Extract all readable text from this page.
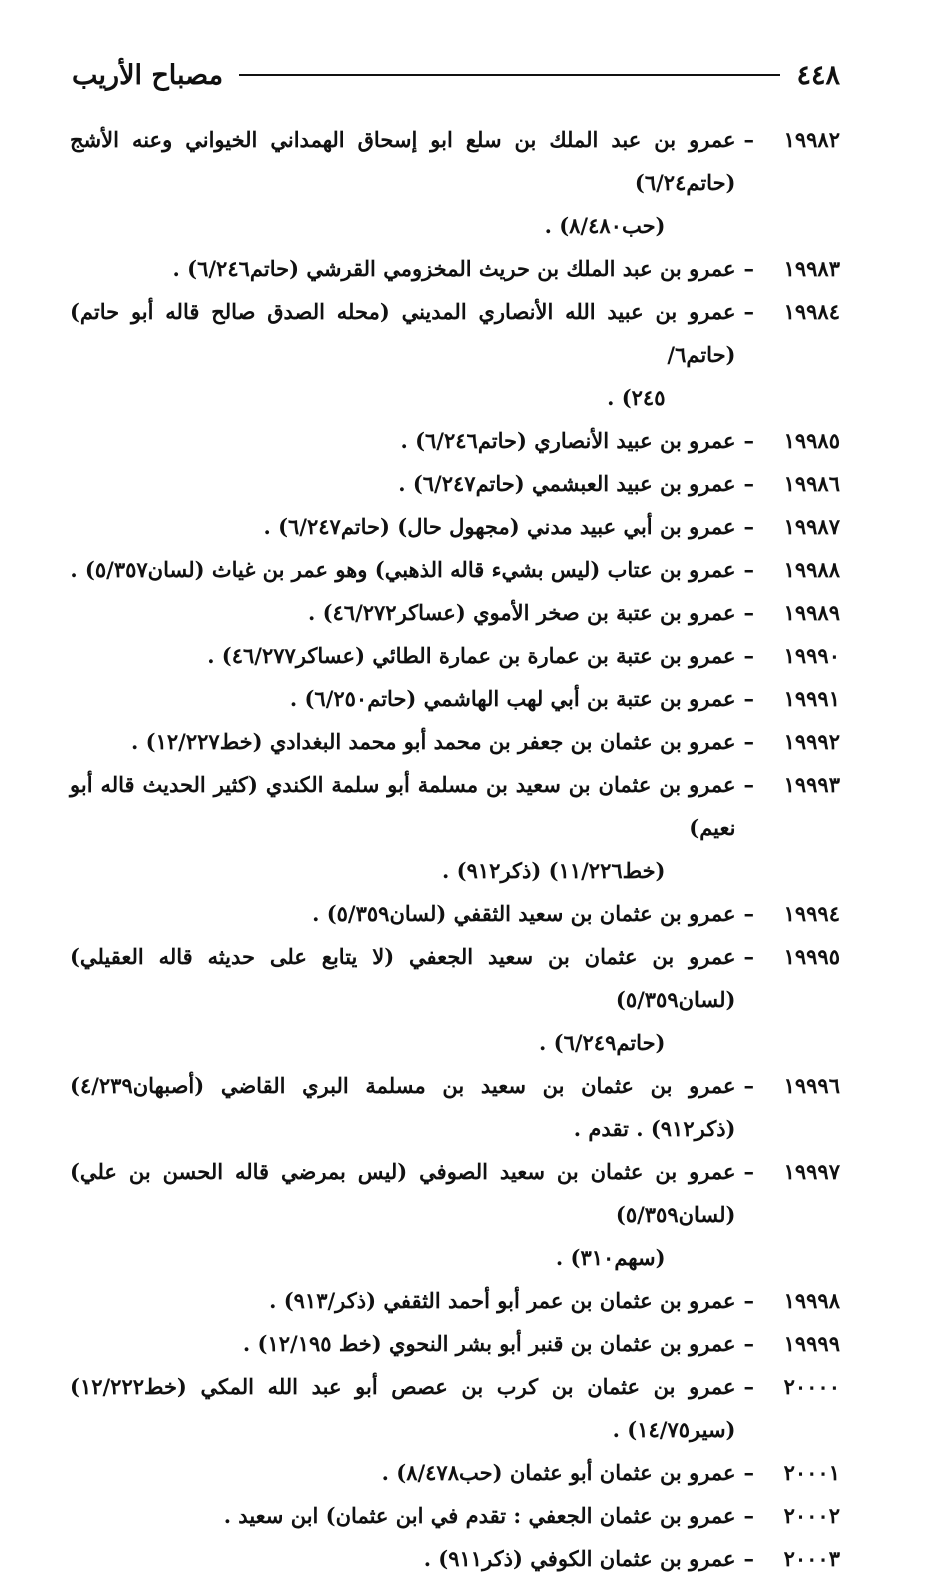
٤٤٨
مصباح الأريب
١٩٩٨٢
–
عمرو بن عبد الملك بن سلع ابو إسحاق الهمداني الخيواني وعنه الأشج (حاتم٦/٢٤)
(حب٨/٤٨٠) .
١٩٩٨٣
–
عمرو بن عبد الملك بن حريث المخزومي القرشي (حاتم٦/٢٤٦) .
١٩٩٨٤
–
عمرو بن عبيد الله الأنصاري المديني (محله الصدق صالح قاله أبو حاتم) (حاتم٦/
٢٤٥) .
١٩٩٨٥
–
عمرو بن عبيد الأنصاري (حاتم٦/٢٤٦) .
١٩٩٨٦
–
عمرو بن عبيد العبشمي (حاتم٦/٢٤٧) .
١٩٩٨٧
–
عمرو بن أبي عبيد مدني (مجهول حال) (حاتم٦/٢٤٧) .
١٩٩٨٨
–
عمرو بن عتاب (ليس بشيء قاله الذهبي) وهو عمر بن غياث (لسان٥/٣٥٧) .
١٩٩٨٩
–
عمرو بن عتبة بن صخر الأموي (عساكر٤٦/٢٧٢) .
١٩٩٩٠
–
عمرو بن عتبة بن عمارة بن عمارة الطائي (عساكر٤٦/٢٧٧) .
١٩٩٩١
–
عمرو بن عتبة بن أبي لهب الهاشمي (حاتم٦/٢٥٠) .
١٩٩٩٢
–
عمرو بن عثمان بن جعفر بن محمد أبو محمد البغدادي (خط١٢/٢٢٧) .
١٩٩٩٣
–
عمرو بن عثمان بن سعيد بن مسلمة أبو سلمة الكندي (كثير الحديث قاله أبو نعيم)
(خط١١/٢٢٦) (ذكر٩١٢) .
١٩٩٩٤
–
عمرو بن عثمان بن سعيد الثقفي (لسان٥/٣٥٩) .
١٩٩٩٥
–
عمرو بن عثمان بن سعيد الجعفي (لا يتابع على حديثه قاله العقيلي) (لسان٥/٣٥٩)
(حاتم٦/٢٤٩) .
١٩٩٩٦
–
عمرو بن عثمان بن سعيد بن مسلمة البري القاضي (أصبهان٤/٢٣٩) (ذكر٩١٢) . تقدم .
١٩٩٩٧
–
عمرو بن عثمان بن سعيد الصوفي (ليس بمرضي قاله الحسن بن علي) (لسان٥/٣٥٩)
(سهم٣١٠) .
١٩٩٩٨
–
عمرو بن عثمان بن عمر أبو أحمد الثقفي (ذكر/٩١٣) .
١٩٩٩٩
–
عمرو بن عثمان بن قنبر أبو بشر النحوي (خط ١٢/١٩٥) .
٢٠٠٠٠
–
عمرو بن عثمان بن كرب بن عصص أبو عبد الله المكي (خط١٢/٢٢٢) (سير١٤/٧٥) .
٢٠٠٠١
–
عمرو بن عثمان أبو عثمان (حب٨/٤٧٨) .
٢٠٠٠٢
–
عمرو بن عثمان الجعفي : تقدم في ابن عثمان) ابن سعيد .
٢٠٠٠٣
–
عمرو بن عثمان الكوفي (ذكر٩١١) .
